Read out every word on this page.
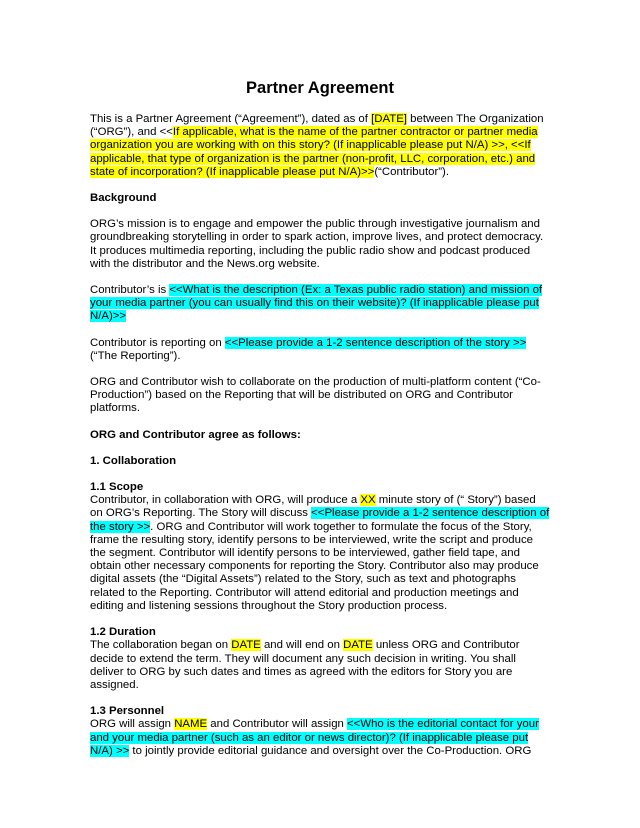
Partner Agreement

This is a Partner Agreement (“Agreement”), dated as of [DATE] between The Organization (“ORG”), and <<If applicable, what is the name of the partner contractor or partner media organization you are working with on this story? (If inapplicable please put N/A) >>, <<If applicable, that type of organization is the partner (non-profit, LLC, corporation, etc.) and state of incorporation? (If inapplicable please put N/A)>>(“Contributor”).

Background

ORG’s mission is to engage and empower the public through investigative journalism and groundbreaking storytelling in order to spark action, improve lives, and protect democracy. It produces multimedia reporting, including the public radio show and podcast produced with the distributor and the News.org website.

Contributor’s is <<What is the description (Ex: a Texas public radio station) and mission of your media partner (you can usually find this on their website)? (If inapplicable please put N/A)>>

Contributor is reporting on <<Please provide a 1-2 sentence description of the story >>
(“The Reporting”).

ORG and Contributor wish to collaborate on the production of multi-platform content (“Co-Production”) based on the Reporting that will be distributed on ORG and Contributor platforms.

ORG and Contributor agree as follows:

1. Collaboration

1.1 Scope

Contributor, in collaboration with ORG, will produce a XX minute story of (“ Story”) based on ORG’s Reporting. The Story will discuss <<Please provide a 1-2 sentence description of the story >>. ORG and Contributor will work together to formulate the focus of the Story, frame the resulting story, identify persons to be interviewed, write the script and produce the segment. Contributor will identify persons to be interviewed, gather field tape, and obtain other necessary components for reporting the Story. Contributor also may produce digital assets (the “Digital Assets”) related to the Story, such as text and photographs related to the Reporting. Contributor will attend editorial and production meetings and editing and listening sessions throughout the Story production process.

1.2 Duration

The collaboration began on DATE and will end on DATE unless ORG and Contributor decide to extend the term. They will document any such decision in writing. You shall deliver to ORG by such dates and times as agreed with the editors for Story you are assigned.

1.3 Personnel

ORG will assign NAME and Contributor will assign <<Who is the editorial contact for your and your media partner (such as an editor or news director)? (If inapplicable please put N/A) >> to jointly provide editorial guidance and oversight over the Co-Production. ORG
